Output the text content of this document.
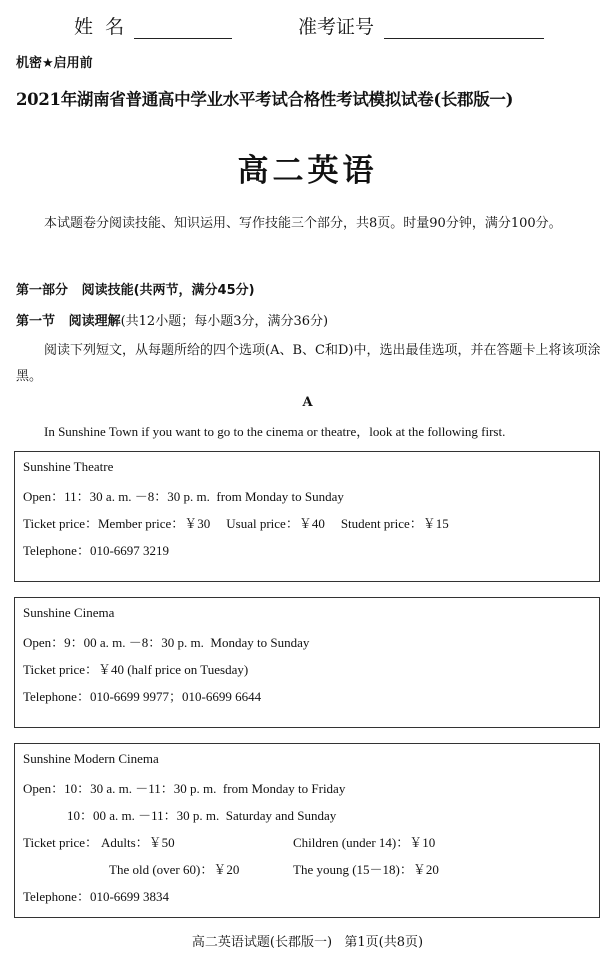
姓  名	准考证号
机密★启用前
2021年湖南省普通高中学业水平考试合格性考试模拟试卷(长郡版一)
高二英语
本试题卷分阅读技能、知识运用、写作技能三个部分，共8页。时量90分钟，满分100分。
第一部分   阅读技能(共两节，满分45分)
第一节   阅读理解(共12小题；每小题3分，满分36分)
阅读下列短文，从每题所给的四个选项(A、B、C和D)中，选出最佳选项，并在答题卡上将该项涂黑。
A
In Sunshine Town if you want to go to the cinema or theatre，look at the following first.
Sunshine Theatre
Open：11：30 a. m. －8：30 p. m.  from Monday to Sunday
Ticket price：Member price：￥30 Usual price：￥40 Student price：￥15
Telephone：010-6697 3219
Sunshine Cinema
Open：9：00 a. m. －8：30 p. m.  Monday to Sunday
Ticket price：￥40 (half price on Tuesday)
Telephone：010-6699 9977；010-6699 6644
Sunshine Modern Cinema
Open：10：30 a. m. －11：30 p. m.  from Monday to Friday
10：00 a. m. －11：30 p. m.  Saturday and Sunday
Ticket price： Adults：￥50	Children (under 14)：￥10
The old (over 60)：￥20	The young (15－18)：￥20
Telephone：010-6699 3834
高二英语试题(长郡版一)   第1页(共8页)
